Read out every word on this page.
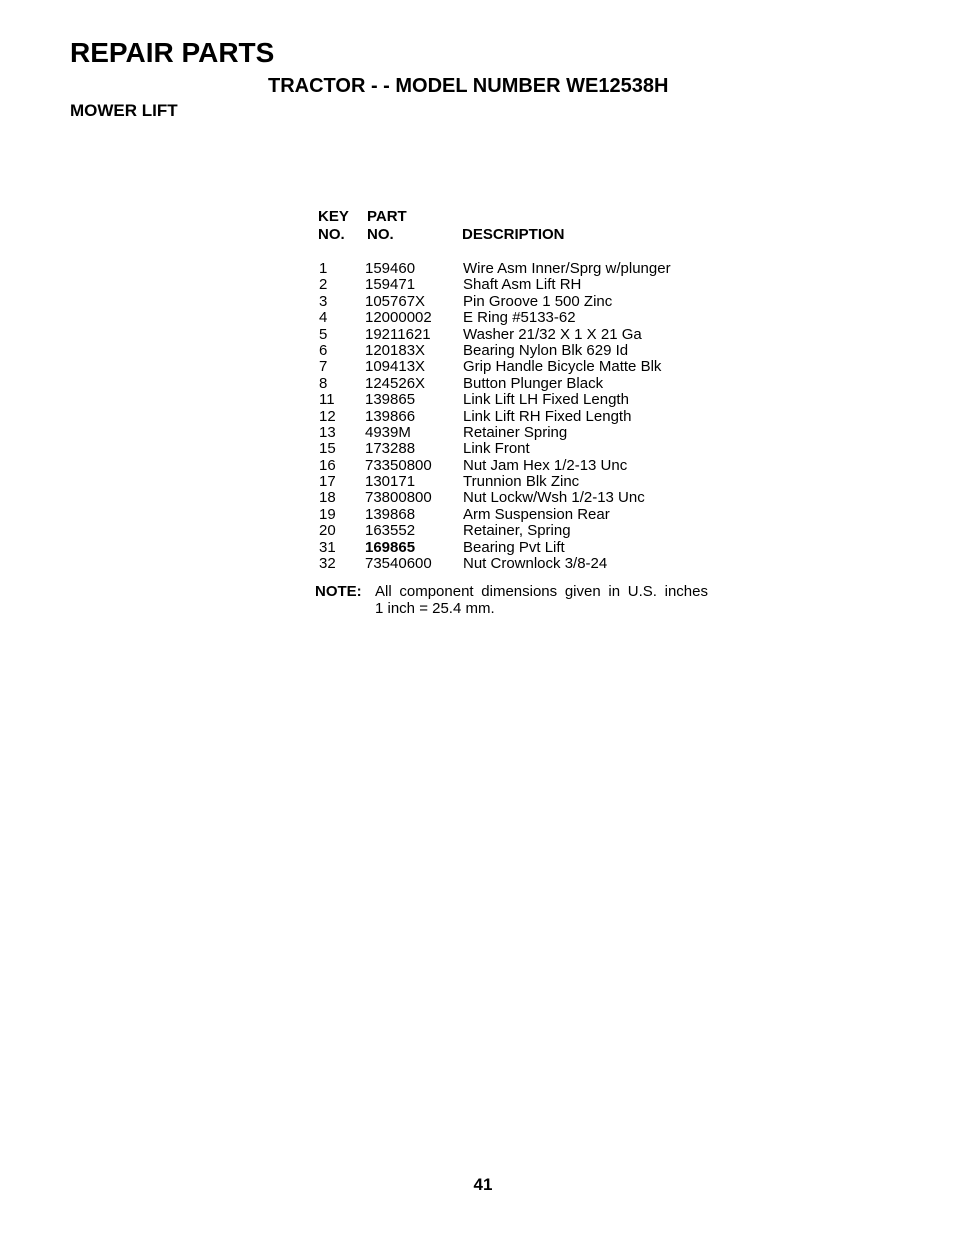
REPAIR PARTS
TRACTOR - - MODEL NUMBER WE12538H
MOWER LIFT
KEY
NO.
PART
NO.	DESCRIPTION
1	159460	Wire Asm Inner/Sprg w/plunger
2	159471	Shaft Asm Lift RH
3	105767X	Pin Groove 1 500 Zinc
4	12000002 E Ring #5133-62
5	19211621 Washer 21/32 X 1 X 21 Ga
6	120183X	Bearing Nylon Blk 629 Id
7	109413X	Grip Handle Bicycle Matte Blk
8	124526X	Button Plunger Black
11 139865	Link Lift LH Fixed Length
12 139866	Link Lift RH Fixed Length
13 4939M	Retainer Spring
15 173288	Link Front
16 73350800 Nut Jam Hex 1/2-13 Unc
17 130171	Trunnion Blk Zinc
18 73800800 Nut Lockw/Wsh 1/2-13 Unc
19 139868	Arm Suspension Rear
20 163552	Retainer, Spring
31 169865	Bearing Pvt Lift
32 73540600 Nut Crownlock 3/8-24
NOTE: All component dimensions given in U.S. inches
1 inch = 25.4 mm.
41
